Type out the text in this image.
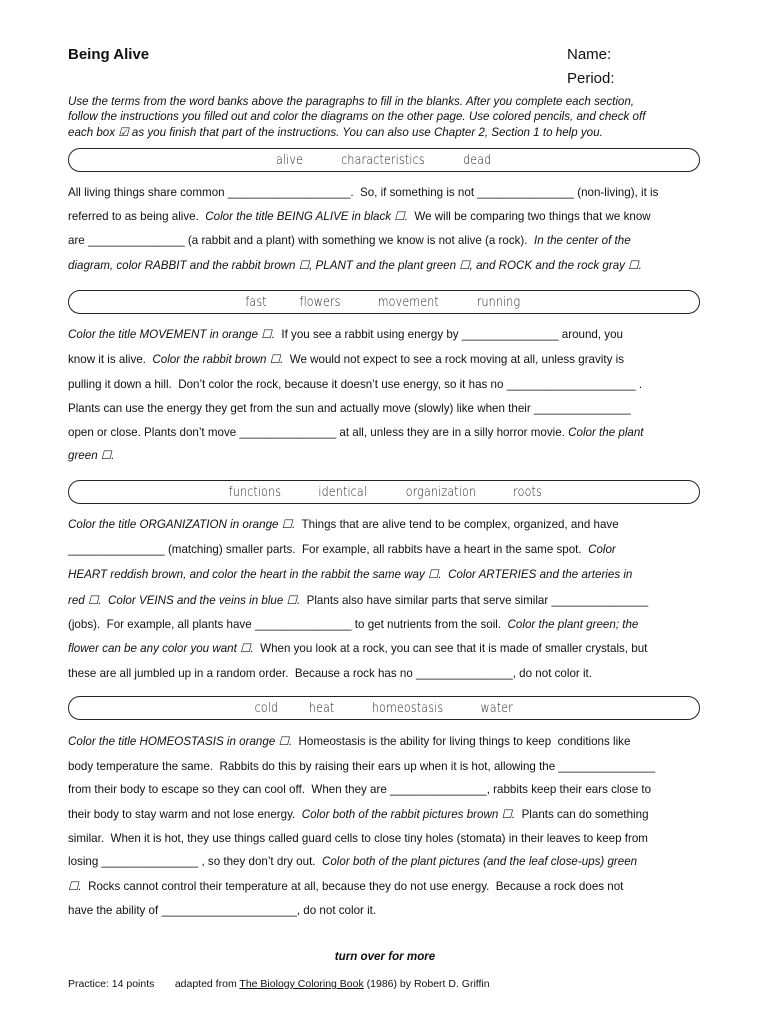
Being Alive	Name:
Period:

Use the terms from the word banks above the paragraphs to fill in the blanks. After you complete each section,
follow the instructions you filled out and color the diagrams on the other page. Use colored pencils, and check off
each box ☑ as you finish that part of the instructions. You can also use Chapter 2, Section 1 to help you.

alive	characteristics	dead
All living things share common ___________________.  So, if something is not _______________ (non-living), it is
referred to as being alive.  Color the title BEING ALIVE in black ☐.  We will be comparing two things that we know
are _______________ (a rabbit and a plant) with something we know is not alive (a rock).  In the center of the
diagram, color RABBIT and the rabbit brown ☐, PLANT and the plant green ☐, and ROCK and the rock gray ☐.
fast flowers	movement	running
Color the title MOVEMENT in orange ☐.  If you see a rabbit using energy by _______________ around, you
know it is alive.  Color the rabbit brown ☐.  We would not expect to see a rock moving at all, unless gravity is
pulling it down a hill.  Don’t color the rock, because it doesn’t use energy, so it has no ____________________ .
Plants can use the energy they get from the sun and actually move (slowly) like when their _______________
open or close. Plants don’t move _______________ at all, unless they are in a silly horror movie. Color the plant
green ☐.
functions	identical	organization	roots
Color the title ORGANIZATION in orange ☐.  Things that are alive tend to be complex, organized, and have
_______________ (matching) smaller parts.  For example, all rabbits have a heart in the same spot.  Color
HEART reddish brown, and color the heart in the rabbit the same way ☐.  Color ARTERIES and the arteries in
red ☐.  Color VEINS and the veins in blue ☐.  Plants also have similar parts that serve similar _______________
(jobs).  For example, all plants have _______________ to get nutrients from the soil.  Color the plant green; the
flower can be any color you want ☐.  When you look at a rock, you can see that it is made of smaller crystals, but
these are all jumbled up in a random order.  Because a rock has no _______________, do not color it.
cold heat	homeostasis	water
Color the title HOMEOSTASIS in orange ☐.  Homeostasis is the ability for living things to keep  conditions like
body temperature the same.  Rabbits do this by raising their ears up when it is hot, allowing the _______________
from their body to escape so they can cool off.  When they are _______________, rabbits keep their ears close to
their body to stay warm and not lose energy.  Color both of the rabbit pictures brown ☐.  Plants can do something
similar.  When it is hot, they use things called guard cells to close tiny holes (stomata) in their leaves to keep from
losing _______________ , so they don’t dry out.  Color both of the plant pictures (and the leaf close-ups) green
☐.  Rocks cannot control their temperature at all, because they do not use energy.  Because a rock does not
have the ability of _____________________, do not color it.
turn over for more
Practice: 14 points adapted from The Biology Coloring Book (1986) by Robert D. Griffin
